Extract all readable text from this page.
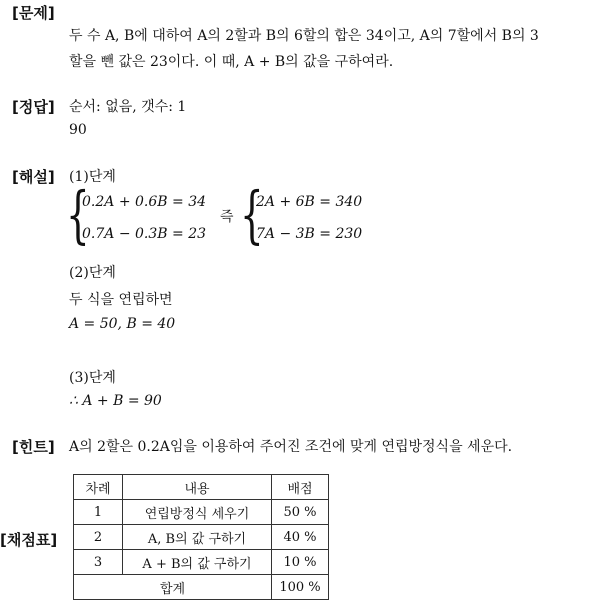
[문제]
두 수 A, B에 대하여 A의 2할과 B의 6할의 합은 34이고, A의 7할에서 B의 3
할을 뺀 값은 23이다. 이 때, A + B의 값을 구하여라.
[정답] 순서: 없음, 갯수: 1
90
[해설] (1)단계
{
0.2A + 0.6B = 34
0.7A − 0.3B = 23
즉 {
2A + 6B = 340
7A − 3B = 230
(2)단계
두 식을 연립하면
A = 50, B = 40
(3)단계
∴ A + B = 90
[힌트] A의 2할은 0.2A임을 이용하여 주어진 조건에 맞게 연립방정식을 세운다.
[채점표]
차례	내용	배점
1	연립방정식 세우기	50 %
2	A, B의 값 구하기	40 %
3	A + B의 값 구하기	10 %
합계		100 %
